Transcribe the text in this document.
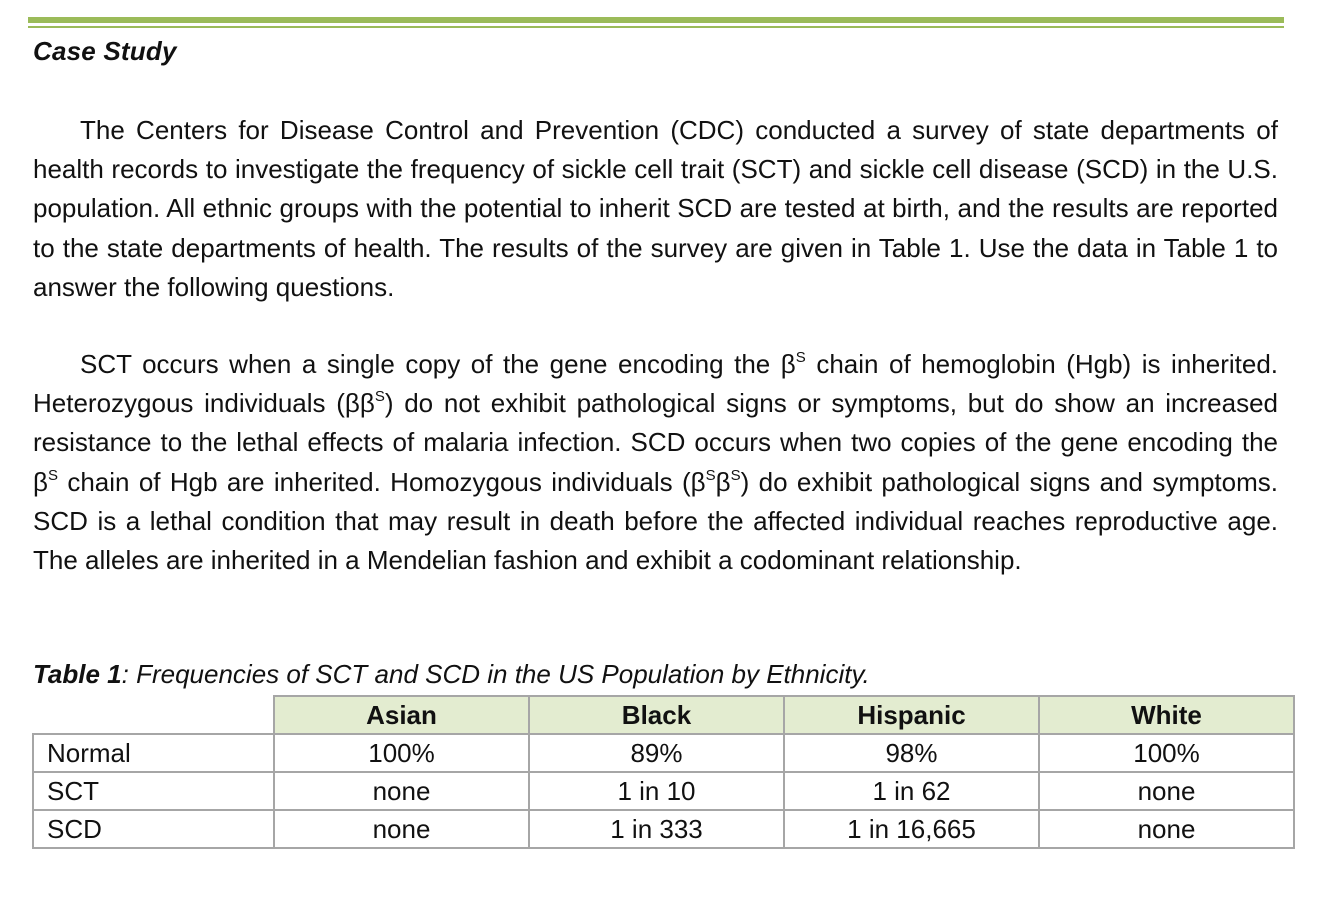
Case Study

The Centers for Disease Control and Prevention (CDC) conducted a survey of state departments of health records to investigate the frequency of sickle cell trait (SCT) and sickle cell disease (SCD) in the U.S. population. All ethnic groups with the potential to inherit SCD are tested at birth, and the results are reported to the state departments of health. The results of the survey are given in Table 1. Use the data in Table 1 to answer the following questions.

SCT occurs when a single copy of the gene encoding the $\beta^S$ chain of hemoglobin (Hgb) is inherited. Heterozygous individuals $(\beta\beta^S)$ do not exhibit pathological signs or symptoms, but do show an increased resistance to the lethal effects of malaria infection. SCD occurs when two copies of the gene encoding the $\beta^S$ chain of Hgb are inherited. Homozygous individuals $(\beta^S\beta^S)$ do exhibit pathological signs and symptoms. SCD is a lethal condition that may result in death before the affected individual reaches reproductive age. The alleles are inherited in a Mendelian fashion and exhibit a codominant relationship.

Table 1: Frequencies of SCT and SCD in the US Population by Ethnicity.
	Asian	Black	Hispanic	White
Normal	100%	89%	98%	100%
SCT	none	1 in 10	1 in 62	none
SCD	none	1 in 333	1 in 16,665	none
